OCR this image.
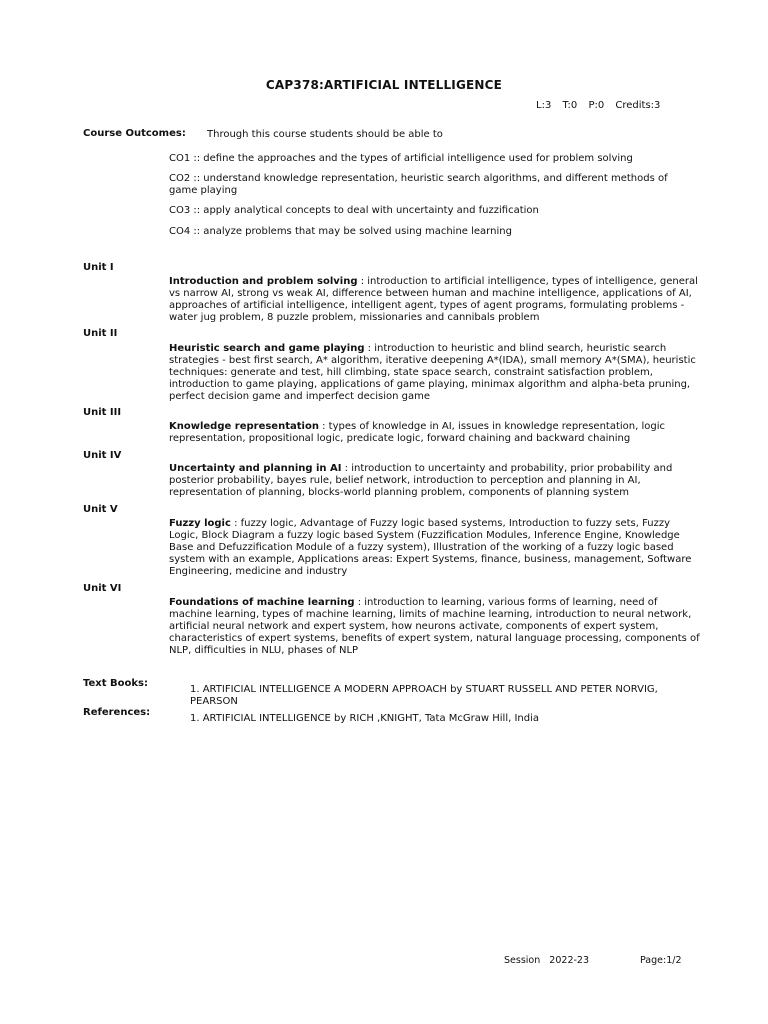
CAP378:ARTIFICIAL INTELLIGENCE
L:3 T:0 P:0 Credits:3
Course Outcomes: Through this course students should be able to
CO1 :: define the approaches and the types of artificial intelligence used for problem solving
CO2 :: understand knowledge representation, heuristic search algorithms, and different methods of game playing
CO3 :: apply analytical concepts to deal with uncertainty and fuzzification
CO4 :: analyze problems that may be solved using machine learning
Unit I
Introduction and problem solving : introduction to artificial intelligence, types of intelligence, general vs narrow AI, strong vs weak AI, difference between human and machine intelligence, applications of AI, approaches of artificial intelligence, intelligent agent, types of agent programs, formulating problems - water jug problem, 8 puzzle problem, missionaries and cannibals problem
Unit II
Heuristic search and game playing : introduction to heuristic and blind search, heuristic search strategies - best first search, A* algorithm, iterative deepening A*(IDA), small memory A*(SMA), heuristic techniques: generate and test, hill climbing, state space search, constraint satisfaction problem, introduction to game playing, applications of game playing, minimax algorithm and alpha-beta pruning, perfect decision game and imperfect decision game
Unit III
Knowledge representation : types of knowledge in AI, issues in knowledge representation, logic representation, propositional logic, predicate logic, forward chaining and backward chaining
Unit IV
Uncertainty and planning in AI : introduction to uncertainty and probability, prior probability and posterior probability, bayes rule, belief network, introduction to perception and planning in AI, representation of planning, blocks-world planning problem, components of planning system
Unit V
Fuzzy logic : fuzzy logic, Advantage of Fuzzy logic based systems, Introduction to fuzzy sets, Fuzzy Logic, Block Diagram a fuzzy logic based System (Fuzzification Modules, Inference Engine, Knowledge Base and Defuzzification Module of a fuzzy system), Illustration of the working of a fuzzy logic based system with an example, Applications areas: Expert Systems, finance, business, management, Software Engineering, medicine and industry
Unit VI
Foundations of machine learning : introduction to learning, various forms of learning, need of machine learning, types of machine learning, limits of machine learning, introduction to neural network, artificial neural network and expert system, how neurons activate, components of expert system, characteristics of expert systems, benefits of expert system, natural language processing, components of NLP, difficulties in NLU, phases of NLP
Text Books:
1. ARTIFICIAL INTELLIGENCE A MODERN APPROACH by STUART RUSSELL AND PETER NORVIG, PEARSON
References:
1. ARTIFICIAL INTELLIGENCE by RICH ,KNIGHT, Tata McGraw Hill, India
Session   2022-23	Page:1/2
